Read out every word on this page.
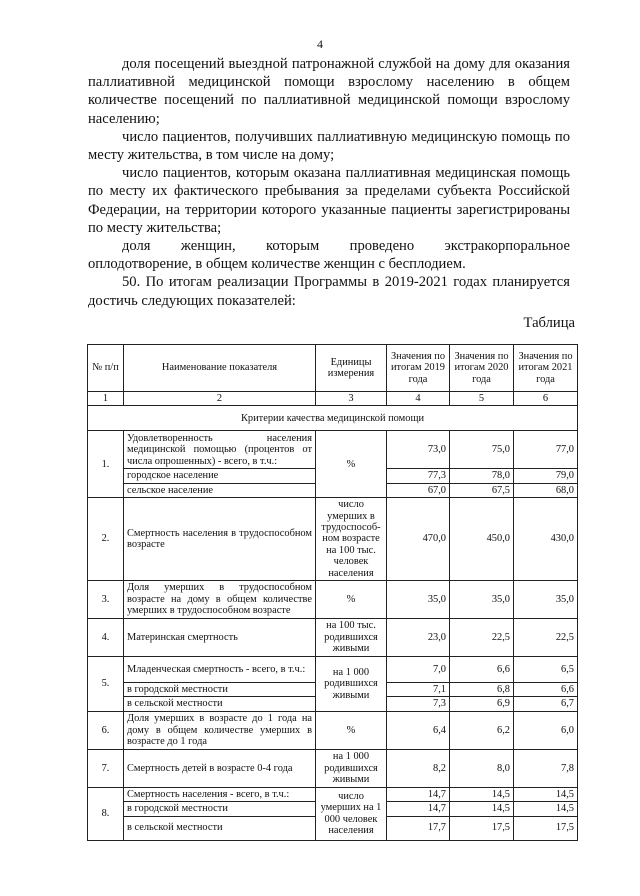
4

доля посещений выездной патронажной службой на дому для оказания паллиативной медицинской помощи взрослому населению в общем количестве посещений по паллиативной медицинской помощи взрослому населению;

число пациентов, получивших паллиативную медицинскую помощь по месту жительства, в том числе на дому;

число пациентов, которым оказана паллиативная медицинская помощь по месту их фактического пребывания за пределами субъекта Российской Федерации, на территории которого указанные пациенты зарегистрированы по месту жительства;

доля женщин, которым проведено экстракорпоральное оплодотворение, в общем количестве женщин с бесплодием.

50. По итогам реализации Программы в 2019-2021 годах планируется достичь следующих показателей:

Таблица
№ п/п	Наименование показателя	Единицы измерения	Значения по итогам 2019 года	Значения по итогам 2020 года	Значения по итогам 2021 года
1	2	3	4	5	6
Критерии качества медицинской помощи					
1.	Удовлетворенность населения медицинской помощью (процентов от числа опрошенных) - всего, в т.ч.:	%	73,0	75,0	77,0
	городское население		77,3	78,0	79,0
	сельское население		67,0	67,5	68,0
2.	Смертность населения в трудоспособном возрасте	число умерших в трудоспособ-ном возрасте на 100 тыс. человек населения	470,0	450,0	430,0
3.	Доля умерших в трудоспособном возрасте на дому в общем количестве умерших в трудоспособном возрасте	%	35,0	35,0	35,0
4.	Материнская смертность	на 100 тыс. родившихся живыми	23,0	22,5	22,5
5.	Младенческая смертность - всего, в т.ч.:	на 1 000 родившихся живыми	7,0	6,6	6,5
	в городской местности		7,1	6,8	6,6
	в сельской местности		7,3	6,9	6,7
6.	Доля умерших в возрасте до 1 года на дому в общем количестве умерших в возрасте до 1 года	%	6,4	6,2	6,0
7.	Смертность детей в возрасте 0-4 года	на 1 000 родившихся живыми	8,2	8,0	7,8
8.	Смертность населения - всего, в т.ч.:	число умерших на 1 000 человек населения	14,7	14,5	14,5
	в городской местности		14,7	14,5	14,5
	в сельской местности		17,7	17,5	17,5
